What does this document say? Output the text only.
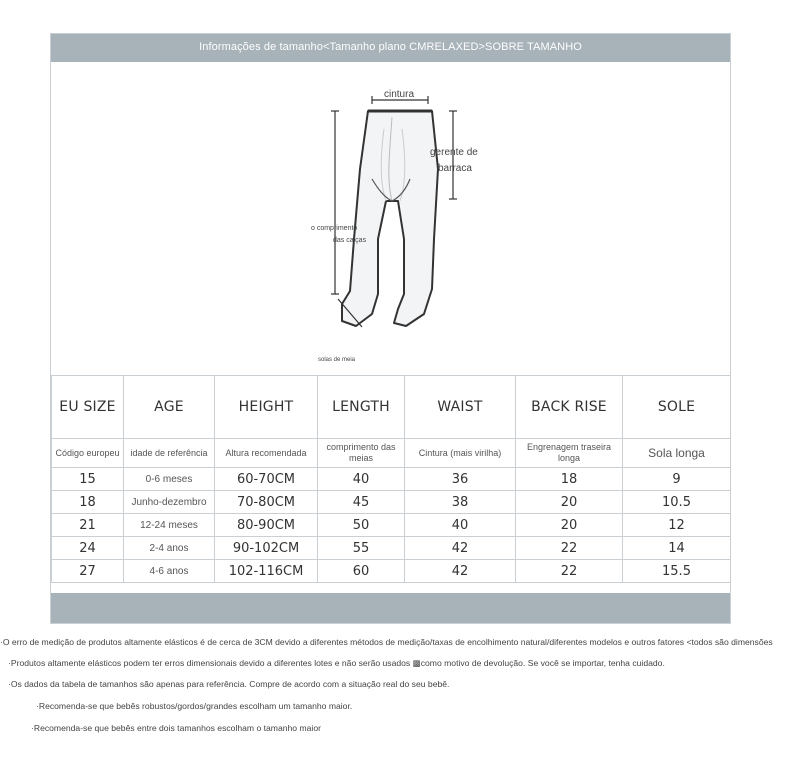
Informações de tamanho<Tamanho plano CMRELAXED>SOBRE TAMANHO
cintura
gerente de
barraca
o comprimento
das calças
solas de meia
EU SIZE	AGE	HEIGHT	LENGTH	WAIST	BACK RISE	SOLE
Código europeu	idade de referência	Altura recomendada	comprimento das meias	Cintura (mais virilha)	Engrenagem traseira longa	Sola longa
15	0-6 meses	60-70CM	40	36	18	9
18	Junho-dezembro	70-80CM	45	38	20	10.5
21	12-24 meses	80-90CM	50	40	20	12
24	2-4 anos	90-102CM	55	42	22	14
27	4-6 anos	102-116CM	60	42	22	15.5
·O erro de medição de produtos altamente elásticos é de cerca de 3CM devido a diferentes métodos de medição/taxas de encolhimento natural/diferentes modelos e outros fatores <todos são dimensões
·Produtos altamente elásticos podem ter erros dimensionais devido a diferentes lotes e não serão usados ▩como motivo de devolução. Se você se importar, tenha cuidado.
·Os dados da tabela de tamanhos são apenas para referência. Compre de acordo com a situação real do seu bebê.
·Recomenda-se que bebês robustos/gordos/grandes escolham um tamanho maior.
·Recomenda-se que bebês entre dois tamanhos escolham o tamanho maior
